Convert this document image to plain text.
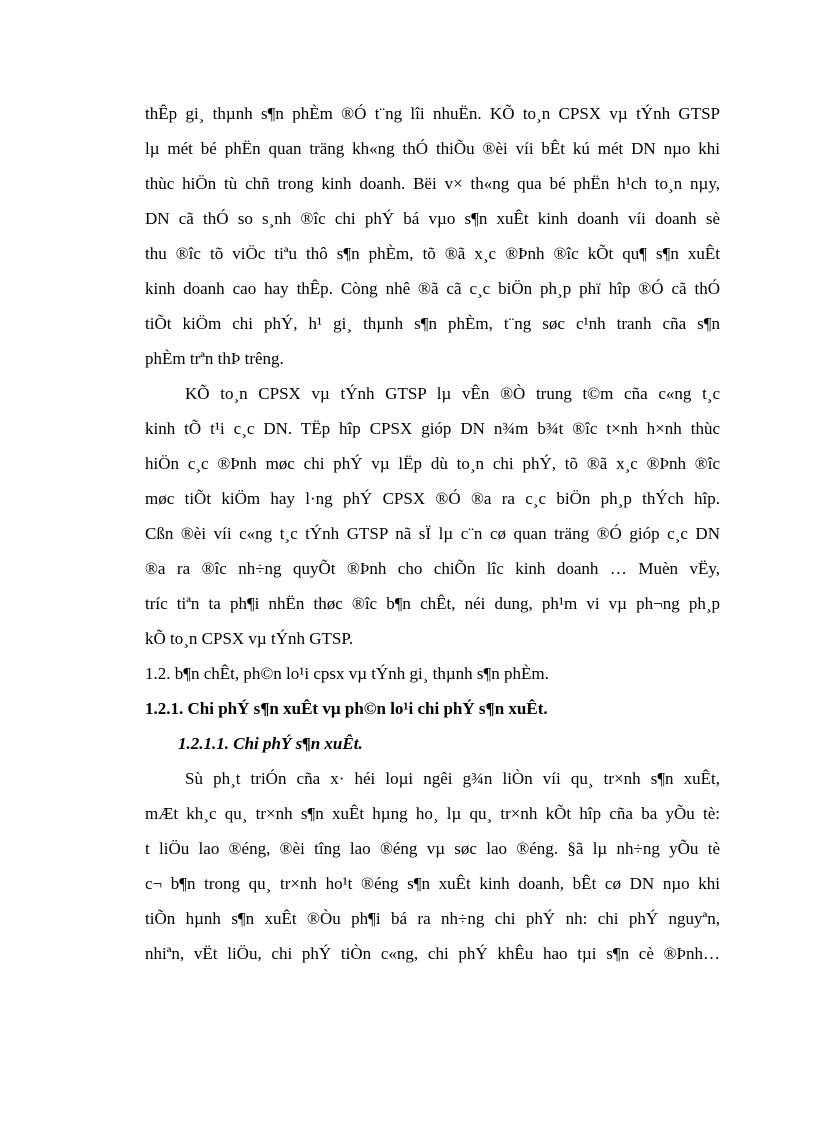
thÊp gi¸ thµnh s¶n phÈm ®Ó t¨ng lîi nhuËn. KÕ to¸n CPSX vµ tÝnh GTSP
lµ mét bé phËn quan träng kh«ng thÓ thiÕu ®èi víi bÊt kú mét DN nµo khi
thùc hiÖn tù chñ trong kinh doanh. Bëi v× th«ng qua bé phËn h¹ch to¸n nµy,
DN cã thÓ so s¸nh ®îc chi phÝ bá vµo s¶n xuÊt kinh doanh víi doanh sè
thu ®îc tõ viÖc tiªu thô s¶n phÈm, tõ ®ã x¸c ®Þnh ®îc kÕt qu¶ s¶n xuÊt
kinh doanh cao hay thÊp. Còng nhê ®ã cã c¸c biÖn ph¸p phï hîp ®Ó cã thÓ
tiÕt kiÖm chi phÝ, h¹ gi¸ thµnh s¶n phÈm, t¨ng søc c¹nh tranh cña s¶n
phÈm trªn thÞ trêng.
KÕ to¸n CPSX vµ tÝnh GTSP lµ vÊn ®Ò trung t©m cña c«ng t¸c
kinh tÕ t¹i c¸c DN. TËp hîp CPSX gióp DN n¾m b¾t ®îc t×nh h×nh thùc
hiÖn c¸c ®Þnh møc chi phÝ vµ lËp dù to¸n chi phÝ, tõ ®ã x¸c ®Þnh ®îc
møc tiÕt kiÖm hay l·ng phÝ CPSX ®Ó ®a ra c¸c biÖn ph¸p thÝch hîp.
Cßn ®èi víi c«ng t¸c tÝnh GTSP nã sÏ lµ c¨n cø quan träng ®Ó gióp c¸c DN
®a ra ®îc nh÷ng quyÕt ®Þnh cho chiÕn lîc kinh doanh … Muèn vËy,
tríc tiªn ta ph¶i nhËn thøc ®îc b¶n chÊt, néi dung, ph¹m vi vµ ph¬ng ph¸p
kÕ to¸n CPSX vµ tÝnh GTSP.
1.2. b¶n chÊt, ph©n lo¹i cpsx vµ tÝnh gi¸ thµnh s¶n phÈm.
1.2.1. Chi phÝ s¶n xuÊt vµ ph©n lo¹i chi phÝ s¶n xuÊt.
1.2.1.1. Chi phÝ s¶n xuÊt.
Sù ph¸t triÓn cña x· héi loµi ngêi g¾n liÒn víi qu¸ tr×nh s¶n xuÊt,
mÆt kh¸c qu¸ tr×nh s¶n xuÊt hµng ho¸ lµ qu¸ tr×nh kÕt hîp cña ba yÕu tè:
t liÖu lao ®éng, ®èi tîng lao ®éng vµ søc lao ®éng. §ã lµ nh÷ng yÕu tè
c¬ b¶n trong qu¸ tr×nh ho¹t ®éng s¶n xuÊt kinh doanh, bÊt cø DN nµo khi
tiÕn hµnh s¶n xuÊt ®Òu ph¶i bá ra nh÷ng chi phÝ nh: chi phÝ nguyªn,
nhiªn, vËt liÖu, chi phÝ tiÒn c«ng, chi phÝ khÊu hao tµi s¶n cè ®Þnh…
